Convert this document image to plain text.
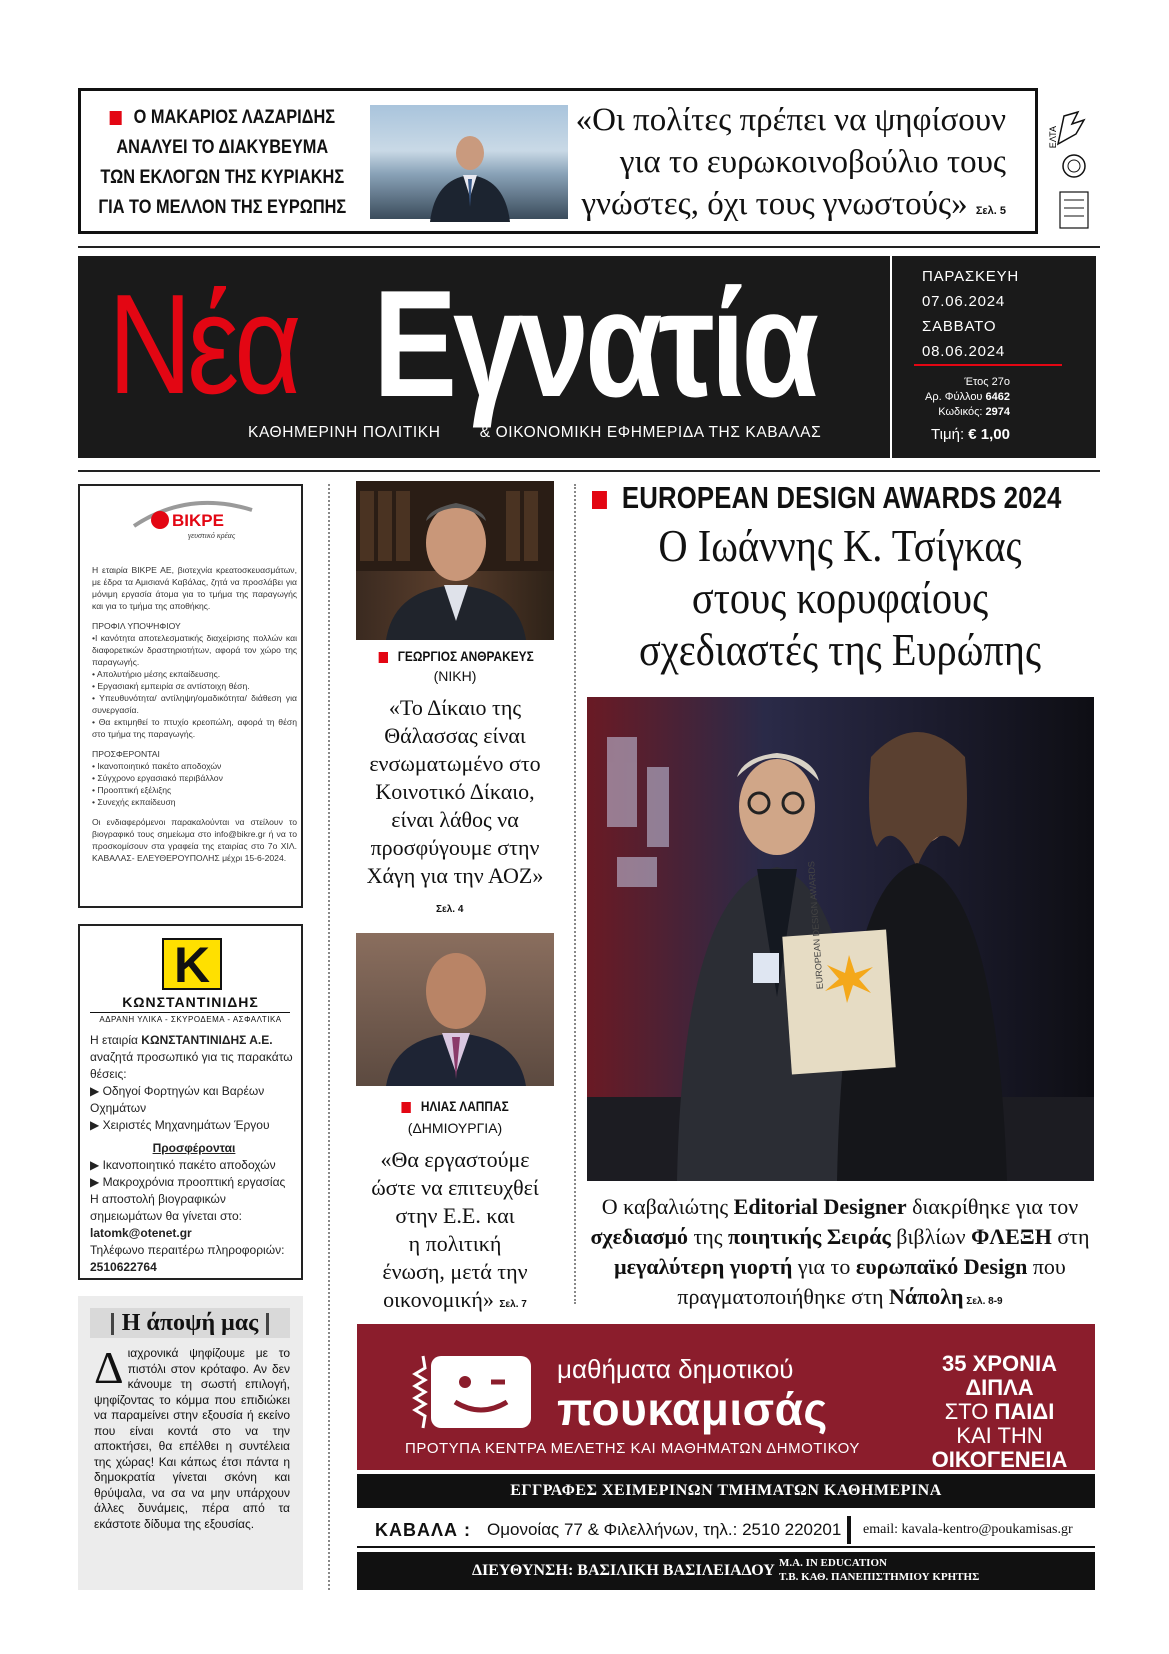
Ο ΜΑΚΑΡΙΟΣ ΛΑΖΑΡΙΔΗΣ
ΑΝΑΛΥΕΙ ΤΟ ΔΙΑΚΥΒΕΥΜΑ
ΤΩΝ ΕΚΛΟΓΩΝ ΤΗΣ ΚΥΡΙΑΚΗΣ
ΓΙΑ ΤΟ ΜΕΛΛΟΝ ΤΗΣ ΕΥΡΩΠΗΣ
«Οι πολίτες πρέπει να ψηφίσουν
για το ευρωκοινοβούλιο τους
γνώστες, όχι τους γνωστούς» Σελ. 5
ΕΛΤΑ
Νέα Εγνατία
ΚΑΘΗΜΕΡΙΝΗ ΠΟΛΙΤΙΚΗ	& ΟΙΚΟΝΟΜΙΚΗ ΕΦΗΜΕΡΙΔΑ ΤΗΣ ΚΑΒΑΛΑΣ
ΠΑΡΑΣΚΕΥΗ
07.06.2024
ΣΑΒΒΑΤΟ
08.06.2024
Έτος 27ο
Αρ. Φύλλου 6462
Κωδικός: 2974
Τιμή: € 1,00
ΒΙΚΡΕ
γευστικό κρέας

Η εταιρία ΒΙΚΡΕ ΑΕ, βιοτεχνία κρεατοσκευασμάτων, με έδρα τα Αμισιανά Καβάλας, ζητά να προσλάβει για μόνιμη εργασία άτομα για το τμήμα της παραγωγής και για το τμήμα της αποθήκης.

ΠΡΟΦΙΛ ΥΠΟΨΗΦΙΟΥ

•Ι κανότητα αποτελεσματικής διαχείρισης πολλών και διαφορετικών δραστηριοτήτων, αφορά τον χώρο της παραγωγής.

• Απολυτήριο μέσης εκπαίδευσης.

• Εργασιακή εμπειρία σε αντίστοιχη θέση.

• Υπευθυνότητα/ αντίληψη/ομαδικότητα/ διάθεση για συνεργασία.

• Θα εκτιμηθεί το πτυχίο κρεοπώλη, αφορά τη θέση στο τμήμα της παραγωγής.

ΠΡΟΣΦΕΡΟΝΤΑΙ

• Ικανοποιητικό πακέτο αποδοχών

• Σύγχρονο εργασιακό περιβάλλον

• Προοπτική εξέλιξης

• Συνεχής εκπαίδευση

Οι ενδιαφερόμενοι παρακαλούνται να στείλουν το βιογραφικό τους σημείωμα στο info@bikre.gr ή να το προσκομίσουν στα γραφεία της εταιρίας στο 7ο ΧΙΛ. ΚΑΒΑΛΑΣ- ΕΛΕΥΘΕΡΟΥΠΟΛΗΣ μέχρι 15-6-2024.

K
ΚΩΝΣΤΑΝΤΙΝΙΔΗΣ
ΑΔΡΑΝΗ ΥΛΙΚΑ - ΣΚΥΡΟΔΕΜΑ - ΑΣΦΑΛΤΙΚΑ
Η εταιρία ΚΩΝΣΤΑΝΤΙΝΙΔΗΣ Α.Ε. αναζητά προσωπικό για τις παρακάτω θέσεις:
▶ Οδηγοί Φορτηγών και Βαρέων Οχημάτων
▶ Χειριστές Μηχανημάτων Έργου
Προσφέρονται
▶ Ικανοποιητικό πακέτο αποδοχών
▶ Μακροχρόνια προοπτική εργασίας
Η αποστολή βιογραφικών σημειωμάτων θα γίνεται στο: latomk@otenet.gr
Τηλέφωνο περαιτέρω πληροφοριών:
2510622764
Η άποψή μας
Διαχρονικά ψηφίζουμε με το πιστόλι στον κρόταφο. Αν δεν κάνουμε τη σωστή επιλογή, ψηφίζοντας το κόμμα που επιδιώκει να παραμείνει στην εξουσία ή εκείνο που είναι κοντά στο να την αποκτήσει, θα επέλθει η συντέλεια της χώρας! Και κάπως έτσι πάντα η δημοκρατία γίνεται σκόνη και θρύψαλα, να σα να μην υπάρχουν άλλες δυνάμεις, πέρα από τα εκάστοτε δίδυμα της εξουσίας.
ΓΕΩΡΓΙΟΣ ΑΝΘΡΑΚΕΥΣ
(ΝΙΚΗ)
«Το Δίκαιο της
Θάλασσας είναι
ενσωματωμένο στο
Κοινοτικό Δίκαιο,
είναι λάθος να
προσφύγουμε στην
Χάγη για την ΑΟΖ»
Σελ. 4
ΗΛΙΑΣ ΛΑΠΠΑΣ
(ΔΗΜΙΟΥΡΓΙΑ)
«Θα εργαστούμε
ώστε να επιτευχθεί
στην Ε.Ε. και
η πολιτική
ένωση, μετά την
οικονομική» Σελ. 7
EUROPEAN DESIGN AWARDS 2024
Ο Ιωάννης Κ. Τσίγκας
στους κορυφαίους
σχεδιαστές της Ευρώπης
EUROPEAN DESIGN AWARDS
Ο καβαλιώτης Editorial Designer διακρίθηκε για τον σχεδιασμό της ποιητικής Σειράς βιβλίων ΦΛΕΞΗ στη μεγαλύτερη γιορτή για το ευρωπαϊκό Design που πραγματοποιήθηκε στη Νάπολη Σελ. 8-9
μαθήματα δημοτικού
πουκαμισάς
ΠΡΟΤΥΠΑ ΚΕΝΤΡΑ ΜΕΛΕΤΗΣ ΚΑΙ ΜΑΘΗΜΑΤΩΝ ΔΗΜΟΤΙΚΟΥ
35 ΧΡΟΝΙΑ
ΔΙΠΛΑ
ΣΤΟ ΠΑΙΔΙ
ΚΑΙ ΤΗΝ
ΟΙΚΟΓΕΝΕΙΑ
ΕΓΓΡΑΦΕΣ ΧΕΙΜΕΡΙΝΩΝ ΤΜΗΜΑΤΩΝ ΚΑΘΗΜΕΡΙΝΑ
ΚΑΒΑΛΑ : Ομονοίας 77 & Φιλελλήνων, τηλ.: 2510 220201 email: kavala-kentro@poukamisas.gr
ΔΙΕΥΘΥΝΣΗ: ΒΑΣΙΛΙΚΗ ΒΑΣΙΛΕΙΑΔΟΥ Μ.Α. IN EDUCATION
Τ.Β. ΚΑΘ. ΠΑΝΕΠΙΣΤΗΜΙΟΥ ΚΡΗΤΗΣ
